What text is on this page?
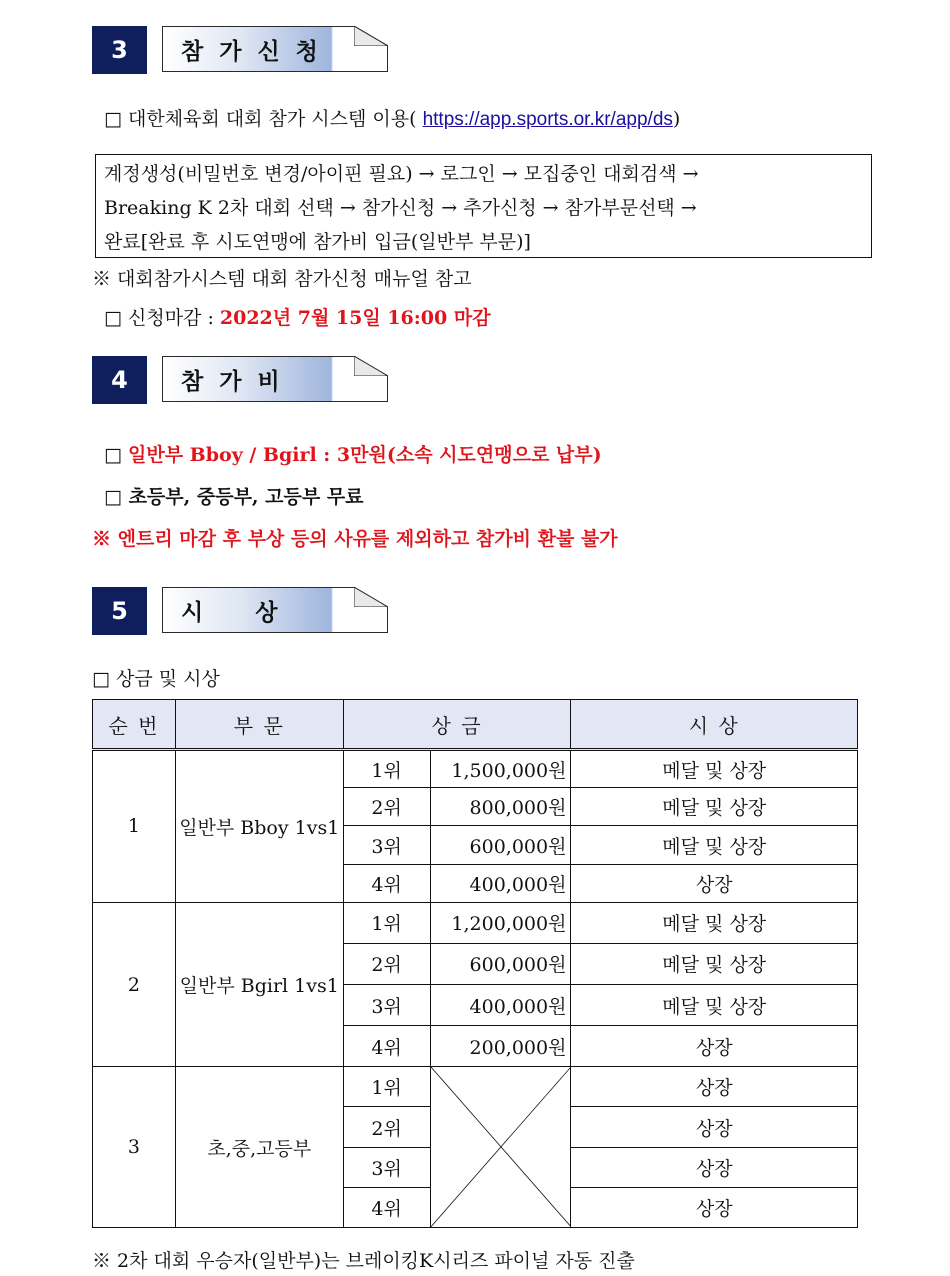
3	참 가 신 청
□ 대한체육회 대회 참가 시스템 이용( https://app.sports.or.kr/app/ds)
계정생성(비밀번호 변경/아이핀 필요) → 로그인 → 모집중인 대회검색 →
Breaking K 2차 대회 선택 → 참가신청 → 추가신청 → 참가부문선택 →
완료[완료 후 시도연맹에 참가비 입금(일반부 부문)]
※ 대회참가시스템 대회 참가신청 매뉴얼 참고
□ 신청마감 : 2022년 7월 15일 16:00 마감
4	참 가 비
□ 일반부 Bboy / Bgirl : 3만원(소속 시도연맹으로 납부)
□ 초등부, 중등부, 고등부 무료
※ 엔트리 마감 후 부상 등의 사유를 제외하고 참가비 환불 불가
5	시    상
□ 상금 및 시상
순 번	부 문	상 금		시 상
1	일반부 Bboy 1vs1	1위	1,500,000원	메달 및 상장
		2위	800,000원	메달 및 상장
		3위	600,000원	메달 및 상장
		4위	400,000원	상장
2	일반부 Bgirl 1vs1	1위	1,200,000원	메달 및 상장
		2위	600,000원	메달 및 상장
		3위	400,000원	메달 및 상장
		4위	200,000원	상장
3	초,중,고등부	1위		상장
		2위		상장
		3위		상장
		4위		상장
※ 2차 대회 우승자(일반부)는 브레이킹K시리즈 파이널 자동 진출
